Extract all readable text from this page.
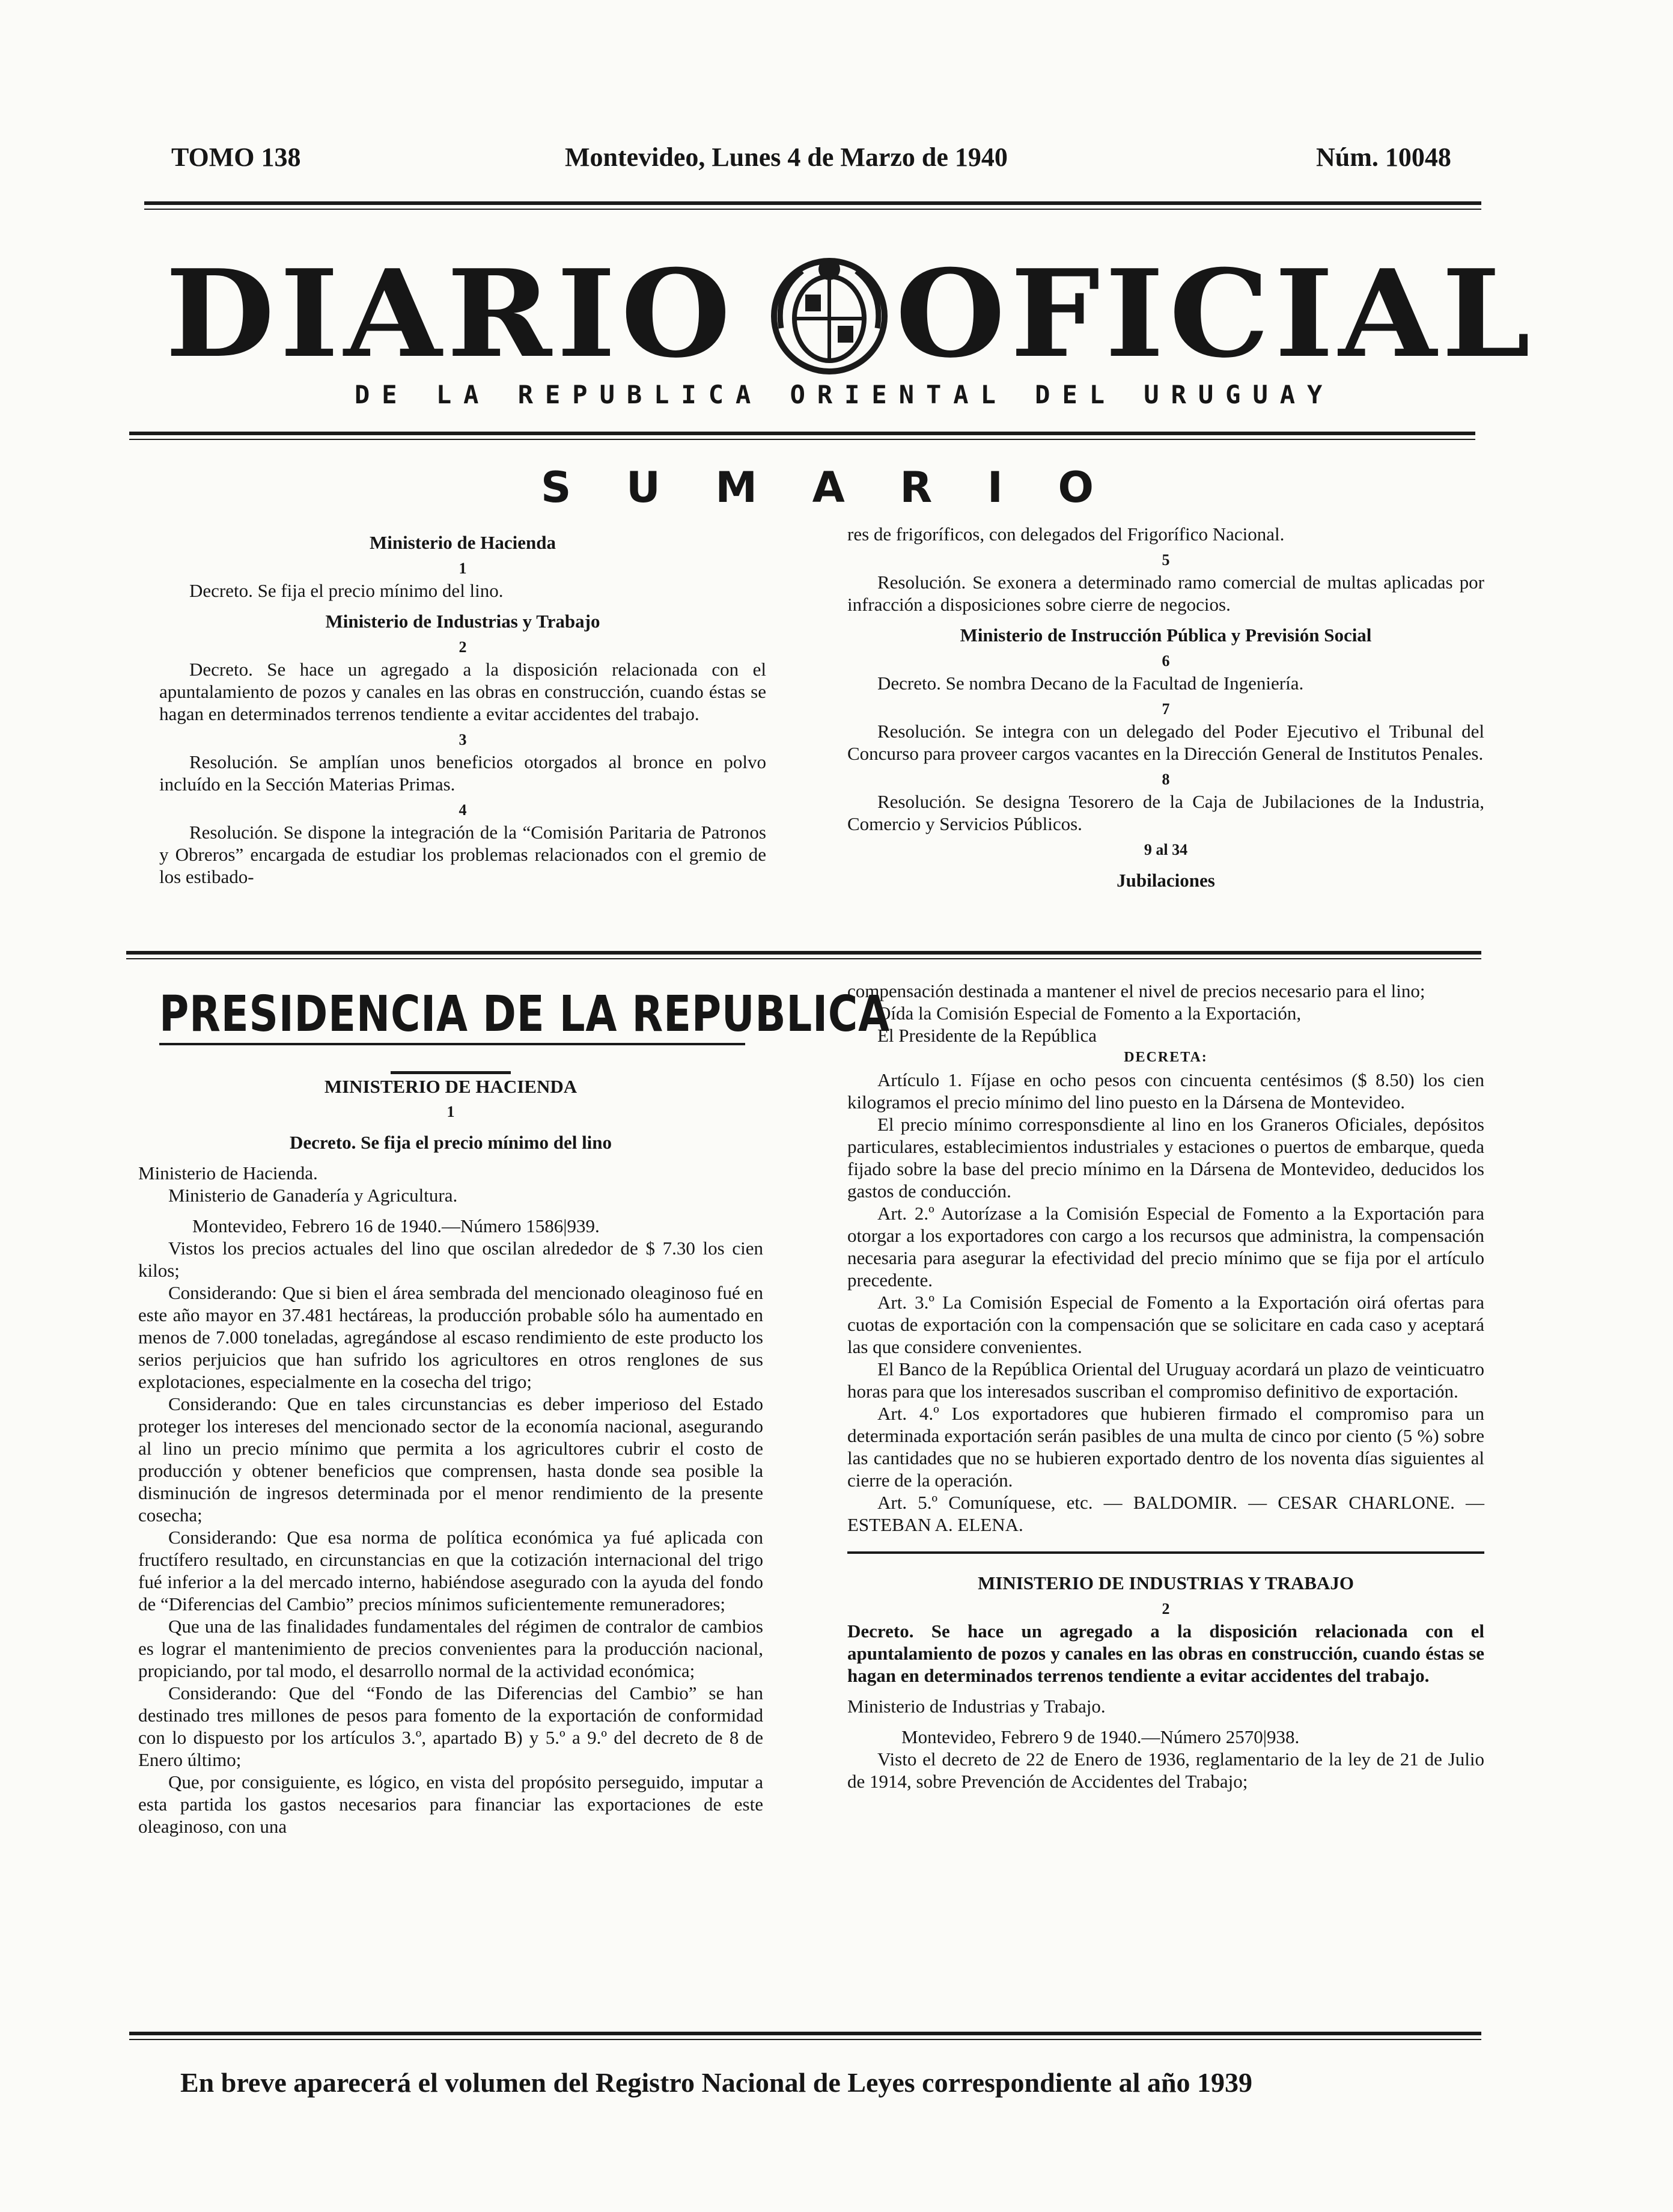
TOMO 138	Montevideo, Lunes 4 de Marzo de 1940	Núm. 10048
DIARIO OFICIAL
DE LA REPUBLICA ORIENTAL DEL URUGUAY
S U M A R I O

Ministerio de Hacienda

1

Decreto. Se fija el precio mínimo del lino.

Ministerio de Industrias y Trabajo

2

Decreto. Se hace un agregado a la disposición relacionada con el apuntalamiento de pozos y canales en las obras en construcción, cuando éstas se hagan en determinados terrenos tendiente a evitar accidentes del trabajo.

3

Resolución. Se amplían unos beneficios otorgados al bronce en polvo incluído en la Sección Materias Primas.

4

Resolución. Se dispone la integración de la “Comisión Paritaria de Patronos y Obreros” encargada de estudiar los problemas relacionados con el gremio de los estibado-

res de frigoríficos, con delegados del Frigorífico Nacional.

5

Resolución. Se exonera a determinado ramo comercial de multas aplicadas por infracción a disposiciones sobre cierre de negocios.

Ministerio de Instrucción Pública y Previsión Social

6

Decreto. Se nombra Decano de la Facultad de Ingeniería.

7

Resolución. Se integra con un delegado del Poder Ejecutivo el Tribunal del Concurso para proveer cargos vacantes en la Dirección General de Institutos Penales.

8

Resolución. Se designa Tesorero de la Caja de Jubilaciones de la Industria, Comercio y Servicios Públicos.

9 al 34

Jubilaciones

PRESIDENCIA DE LA REPUBLICA

MINISTERIO DE HACIENDA

1

Decreto. Se fija el precio mínimo del lino

Ministerio de Hacienda.

Ministerio de Ganadería y Agricultura.

Montevideo, Febrero 16 de 1940.—Número 1586|939.

Vistos los precios actuales del lino que oscilan alrededor de $ 7.30 los cien kilos;

Considerando: Que si bien el área sembrada del mencionado oleaginoso fué en este año mayor en 37.481 hectáreas, la producción probable sólo ha aumentado en menos de 7.000 toneladas, agregándose al escaso rendimiento de este producto los serios perjuicios que han sufrido los agricultores en otros renglones de sus explotaciones, especialmente en la cosecha del trigo;

Considerando: Que en tales circunstancias es deber imperioso del Estado proteger los intereses del mencionado sector de la economía nacional, asegurando al lino un precio mínimo que permita a los agricultores cubrir el costo de producción y obtener beneficios que comprensen, hasta donde sea posible la disminución de ingresos determinada por el menor rendimiento de la presente cosecha;

Considerando: Que esa norma de política económica ya fué aplicada con fructífero resultado, en circunstancias en que la cotización internacional del trigo fué inferior a la del mercado interno, habiéndose asegurado con la ayuda del fondo de “Diferencias del Cambio” precios mínimos suficientemente remuneradores;

Que una de las finalidades fundamentales del régimen de contralor de cambios es lograr el mantenimiento de precios convenientes para la producción nacional, propiciando, por tal modo, el desarrollo normal de la actividad económica;

Considerando: Que del “Fondo de las Diferencias del Cambio” se han destinado tres millones de pesos para fomento de la exportación de conformidad con lo dispuesto por los artículos 3.º, apartado B) y 5.º a 9.º del decreto de 8 de Enero último;

Que, por consiguiente, es lógico, en vista del propósito perseguido, imputar a esta partida los gastos necesarios para financiar las exportaciones de este oleaginoso, con una

compensación destinada a mantener el nivel de precios necesario para el lino;

Oída la Comisión Especial de Fomento a la Exportación,

El Presidente de la República

DECRETA:

Artículo 1. Fíjase en ocho pesos con cincuenta centésimos ($ 8.50) los cien kilogramos el precio mínimo del lino puesto en la Dársena de Montevideo.

El precio mínimo corresponsdiente al lino en los Graneros Oficiales, depósitos particulares, establecimientos industriales y estaciones o puertos de embarque, queda fijado sobre la base del precio mínimo en la Dársena de Montevideo, deducidos los gastos de conducción.

Art. 2.º Autorízase a la Comisión Especial de Fomento a la Exportación para otorgar a los exportadores con cargo a los recursos que administra, la compensación necesaria para asegurar la efectividad del precio mínimo que se fija por el artículo precedente.

Art. 3.º La Comisión Especial de Fomento a la Exportación oirá ofertas para cuotas de exportación con la compensación que se solicitare en cada caso y aceptará las que considere convenientes.

El Banco de la República Oriental del Uruguay acordará un plazo de veinticuatro horas para que los interesados suscriban el compromiso definitivo de exportación.

Art. 4.º Los exportadores que hubieren firmado el compromiso para un determinada exportación serán pasibles de una multa de cinco por ciento (5 %) sobre las cantidades que no se hubieren exportado dentro de los noventa días siguientes al cierre de la operación.

Art. 5.º Comuníquese, etc. — BALDOMIR. — CESAR CHARLONE. — ESTEBAN A. ELENA.

MINISTERIO DE INDUSTRIAS Y TRABAJO

2

Decreto. Se hace un agregado a la disposición relacionada con el apuntalamiento de pozos y canales en las obras en construcción, cuando éstas se hagan en determinados terrenos tendiente a evitar accidentes del trabajo.

Ministerio de Industrias y Trabajo.

Montevideo, Febrero 9 de 1940.—Número 2570|938.

Visto el decreto de 22 de Enero de 1936, reglamentario de la ley de 21 de Julio de 1914, sobre Prevención de Accidentes del Trabajo;

En breve aparecerá el volumen del Registro Nacional de Leyes correspondiente al año 1939
